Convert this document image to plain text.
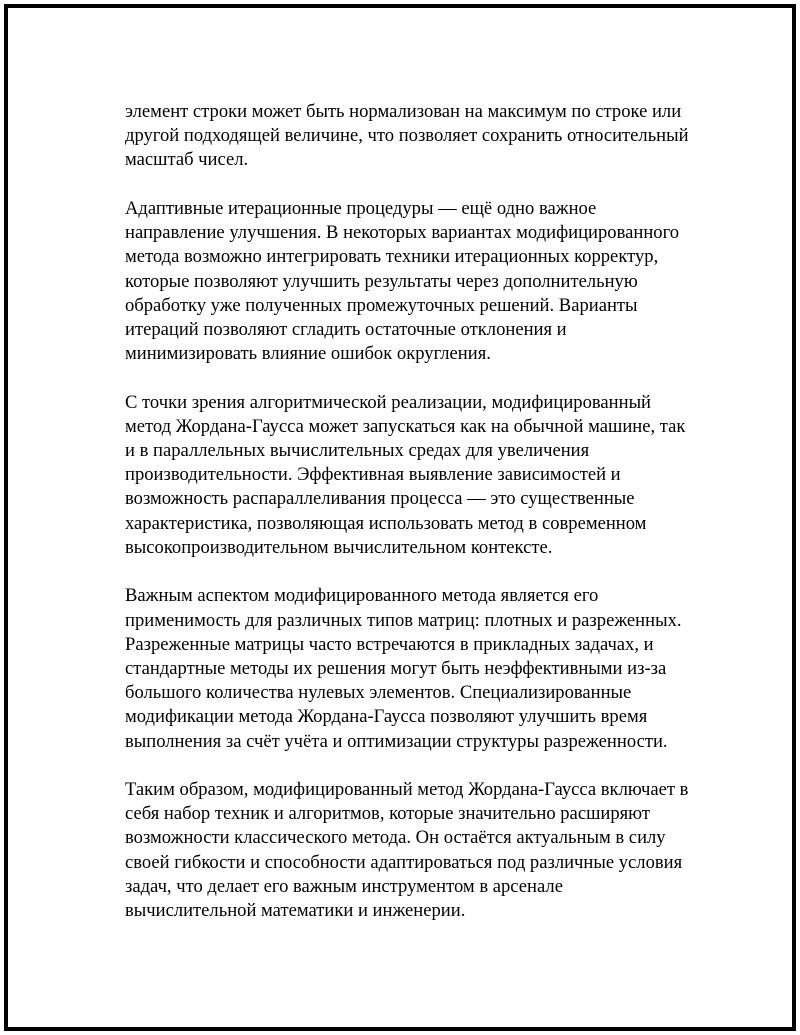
элемент строки может быть нормализован на максимум по строке или
другой подходящей величине, что позволяет сохранить относительный
масштаб чисел.

Адаптивные итерационные процедуры — ещё одно важное
направление улучшения. В некоторых вариантах модифицированного
метода возможно интегрировать техники итерационных корректур,
которые позволяют улучшить результаты через дополнительную
обработку уже полученных промежуточных решений. Варианты
итераций позволяют сгладить остаточные отклонения и
минимизировать влияние ошибок округления.

С точки зрения алгоритмической реализации, модифицированный
метод Жордана-Гаусса может запускаться как на обычной машине, так
и в параллельных вычислительных средах для увеличения
производительности. Эффективная выявление зависимостей и
возможность распараллеливания процесса — это существенные
характеристика, позволяющая использовать метод в современном
высокопроизводительном вычислительном контексте.

Важным аспектом модифицированного метода является его
применимость для различных типов матриц: плотных и разреженных.
Разреженные матрицы часто встречаются в прикладных задачах, и
стандартные методы их решения могут быть неэффективными из-за
большого количества нулевых элементов. Специализированные
модификации метода Жордана-Гаусса позволяют улучшить время
выполнения за счёт учёта и оптимизации структуры разреженности.

Таким образом, модифицированный метод Жордана-Гаусса включает в
себя набор техник и алгоритмов, которые значительно расширяют
возможности классического метода. Он остаётся актуальным в силу
своей гибкости и способности адаптироваться под различные условия
задач, что делает его важным инструментом в арсенале
вычислительной математики и инженерии.
